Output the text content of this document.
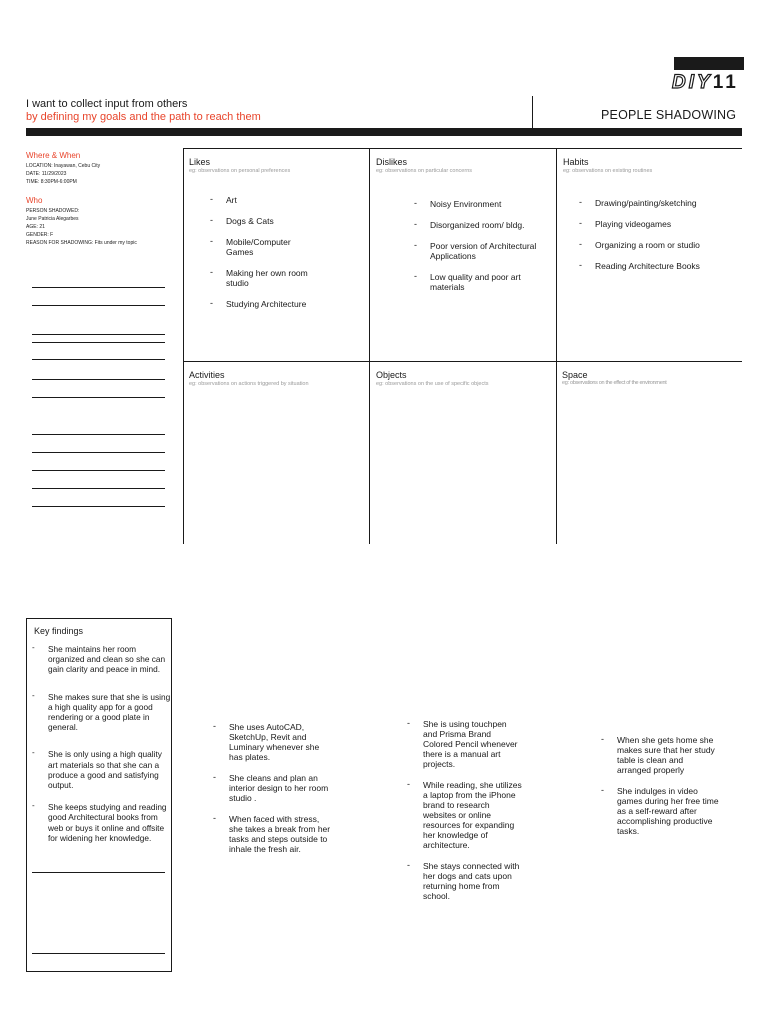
DIY11
I want to collect input from others
by defining my goals and the path to reach them	PEOPLE SHADOWING
Where & When
LOCATION: Inayawan, Cebu City
DATE: 11/29/2023
TIME: 8:30PM-6:00PM
Who
PERSON SHADOWED:
June Patricia Alegarbes
AGE: 21
GENDER: F
REASON FOR SHADOWING: Fits under my topic
Likes
eg: observations on personal preferences
- Art
- Dogs & Cats
- Mobile/Computer Games
- Making her own room studio
- Studying Architecture
Dislikes
eg: observations on particular concerns
- Noisy Environment
- Disorganized room/ bldg.
- Poor version of Architectural Applications
- Low quality and poor art materials
Habits
eg: observations on existing routines
- Drawing/painting/sketching
- Playing videogames
- Organizing a room or studio
- Reading Architecture Books
Activities
eg: observations on actions triggered by situation
Objects
eg: observations on the use of specific objects
Space
eg: observations on the effect of the environment
Key findings
- She maintains her room organized and clean so she can gain clarity and peace in mind.
- She makes sure that she is using a high quality app for a good rendering or a good plate in general.
- She is only using a high quality art materials so that she can a produce a good and satisfying output.
- She keeps studying and reading good Architectural books from web or buys it online and offsite for widening her knowledge.
- She uses AutoCAD, SketchUp, Revit and Luminary whenever she has plates.
- She cleans and plan an interior design to her room studio .
- When faced with stress, she takes a break from her tasks and steps outside to inhale the fresh air.
- She is using touchpen and Prisma Brand Colored Pencil whenever there is a manual art projects.
- While reading, she utilizes a laptop from the iPhone brand to research websites or online resources for expanding her knowledge of architecture.
- She stays connected with her dogs and cats upon returning home from school.
- When she gets home she makes sure that her study table is clean and arranged properly
- She indulges in video games during her free time as a self-reward after accomplishing productive tasks.
